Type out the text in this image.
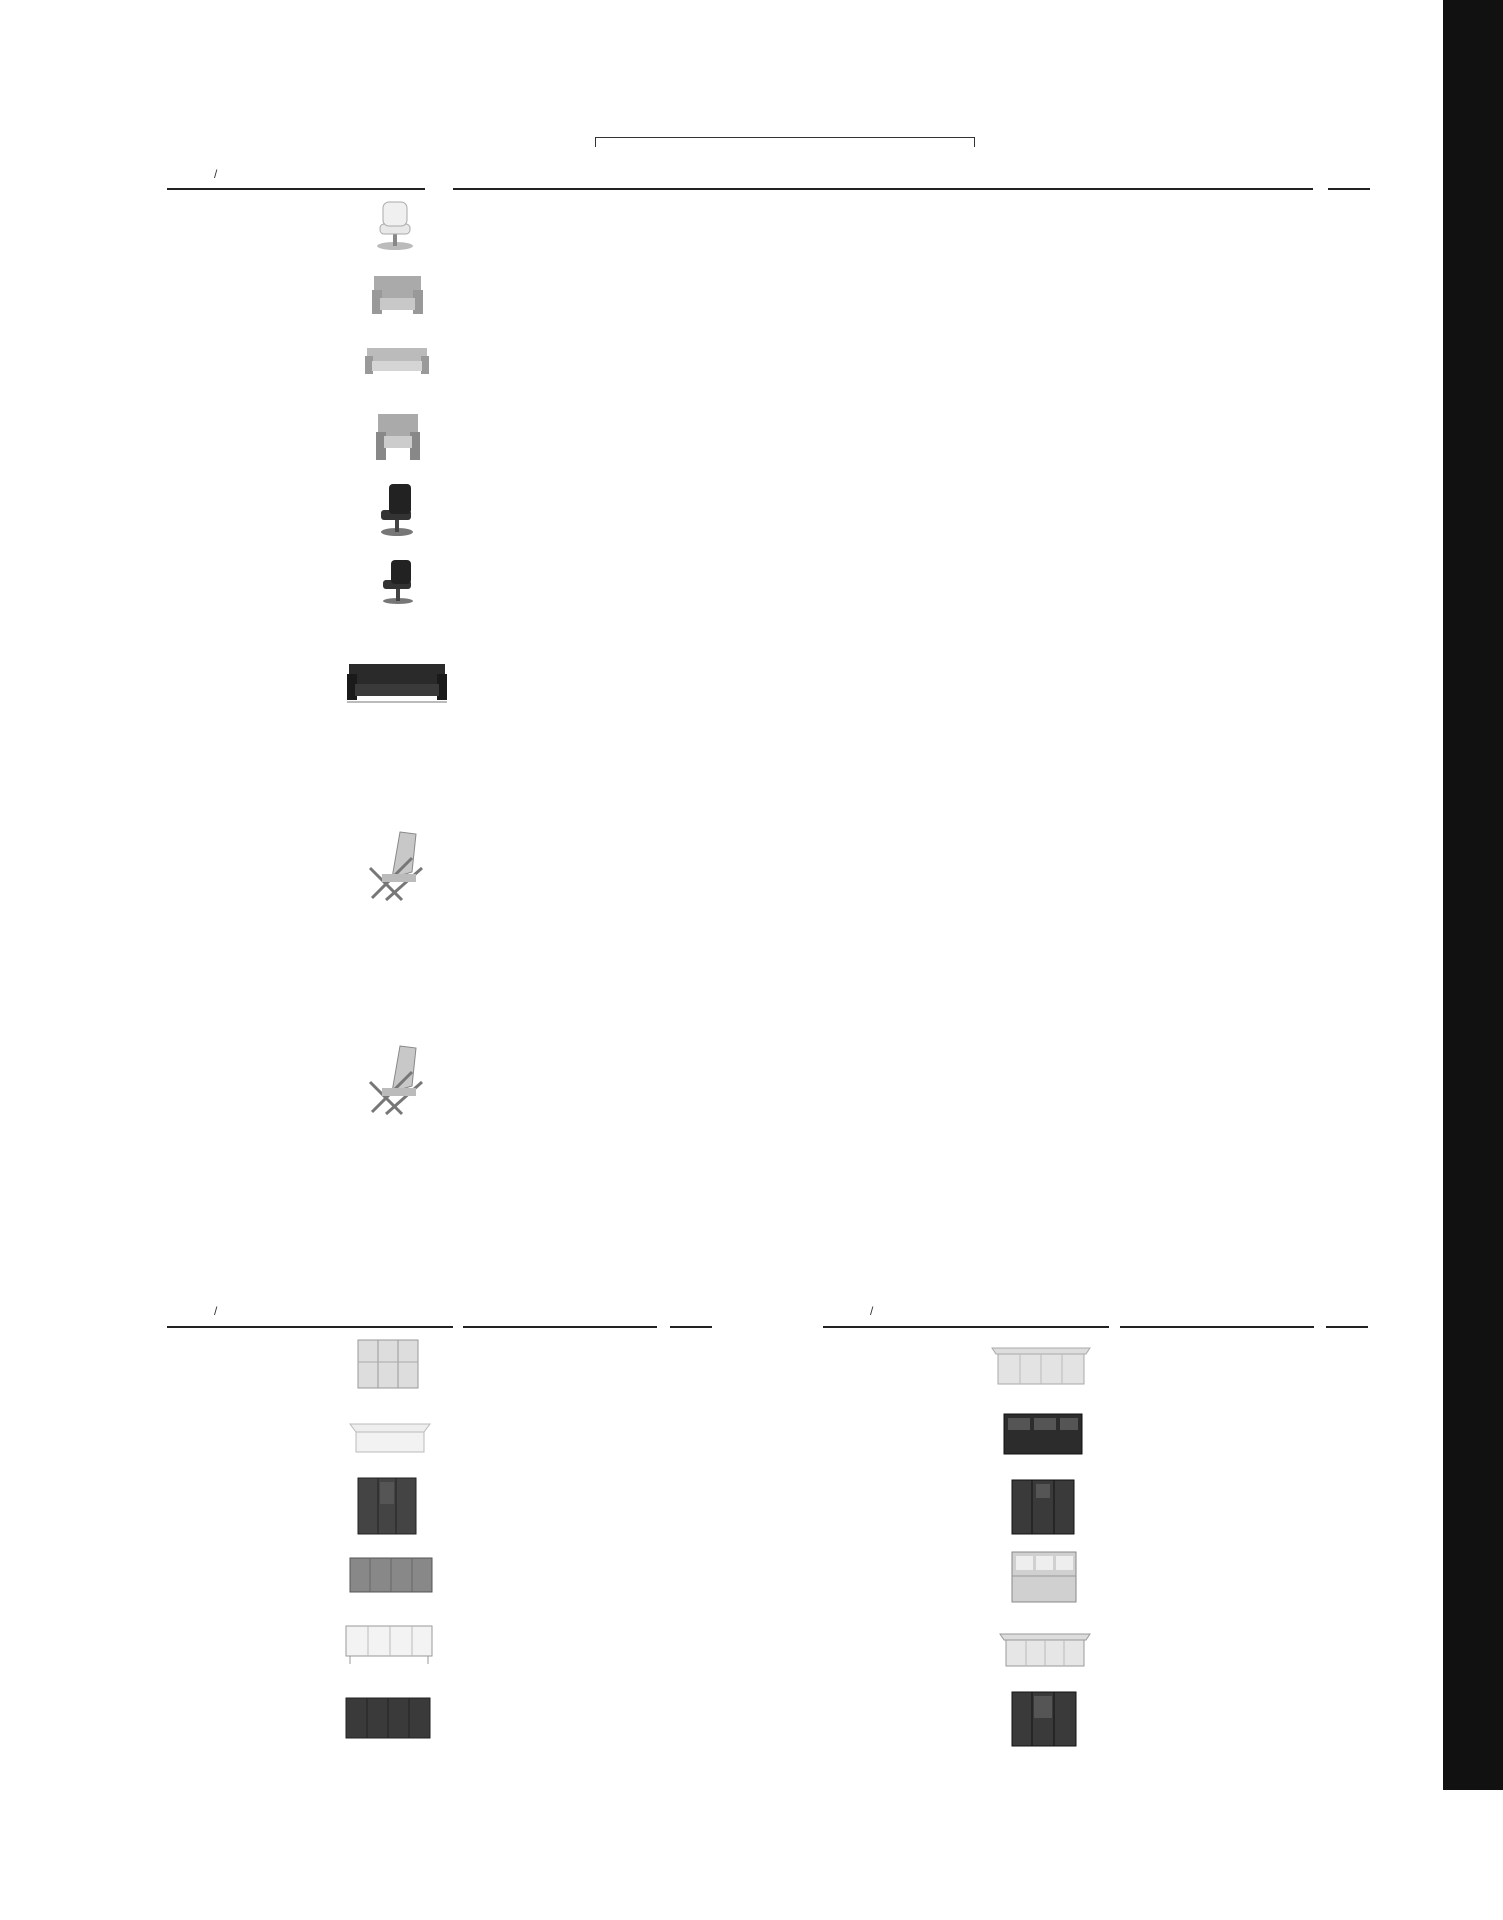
/

/	/
